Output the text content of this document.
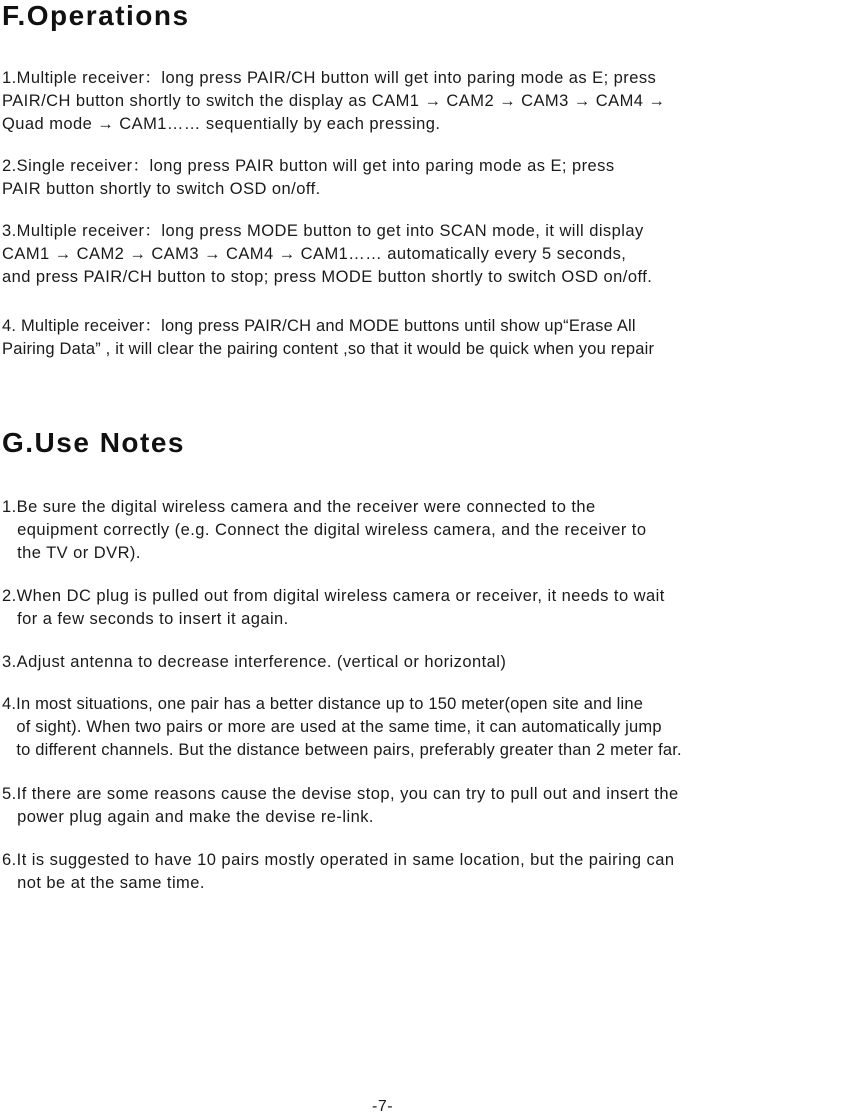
F.Operations

1.Multiple receiver：long press PAIR/CH button will get into paring mode as E; press
PAIR/CH button shortly to switch the display as CAM1 → CAM2 → CAM3 → CAM4 →
Quad mode → CAM1…… sequentially by each pressing.

2.Single receiver：long press PAIR button will get into paring mode as E; press
PAIR button shortly to switch OSD on/off.

3.Multiple receiver：long press MODE button to get into SCAN mode, it will display
CAM1 → CAM2 → CAM3 → CAM4 → CAM1…… automatically every 5 seconds,
and press PAIR/CH button to stop; press MODE button shortly to switch OSD on/off.

4. Multiple receiver：long press PAIR/CH and MODE buttons until show up“Erase All
Pairing Data” , it will clear the pairing content ,so that it would be quick when you repair

G.Use Notes

1.Be sure the digital wireless camera and the receiver were connected to the
equipment correctly (e.g. Connect the digital wireless camera, and the receiver to
the TV or DVR).

2.When DC plug is pulled out from digital wireless camera or receiver, it needs to wait
for a few seconds to insert it again.

3.Adjust antenna to decrease interference. (vertical or horizontal)

4.In most situations, one pair has a better distance up to 150 meter(open site and line
of sight). When two pairs or more are used at the same time, it can automatically jump
to different channels. But the distance between pairs, preferably greater than 2 meter far.

5.If there are some reasons cause the devise stop, you can try to pull out and insert the
power plug again and make the devise re-link.

6.It is suggested to have 10 pairs mostly operated in same location, but the pairing can
not be at the same time.

-7-
